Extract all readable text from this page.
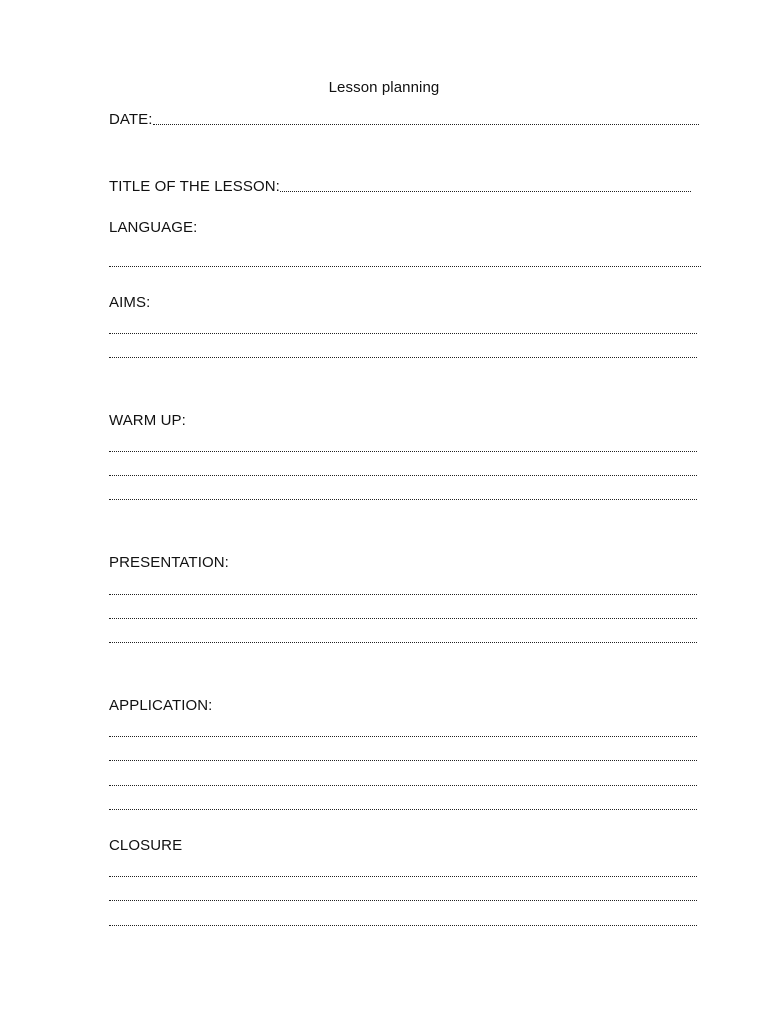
Lesson planning
DATE:
TITLE OF THE LESSON:
LANGUAGE:
AIMS:
WARM UP:
PRESENTATION:
APPLICATION:
CLOSURE
